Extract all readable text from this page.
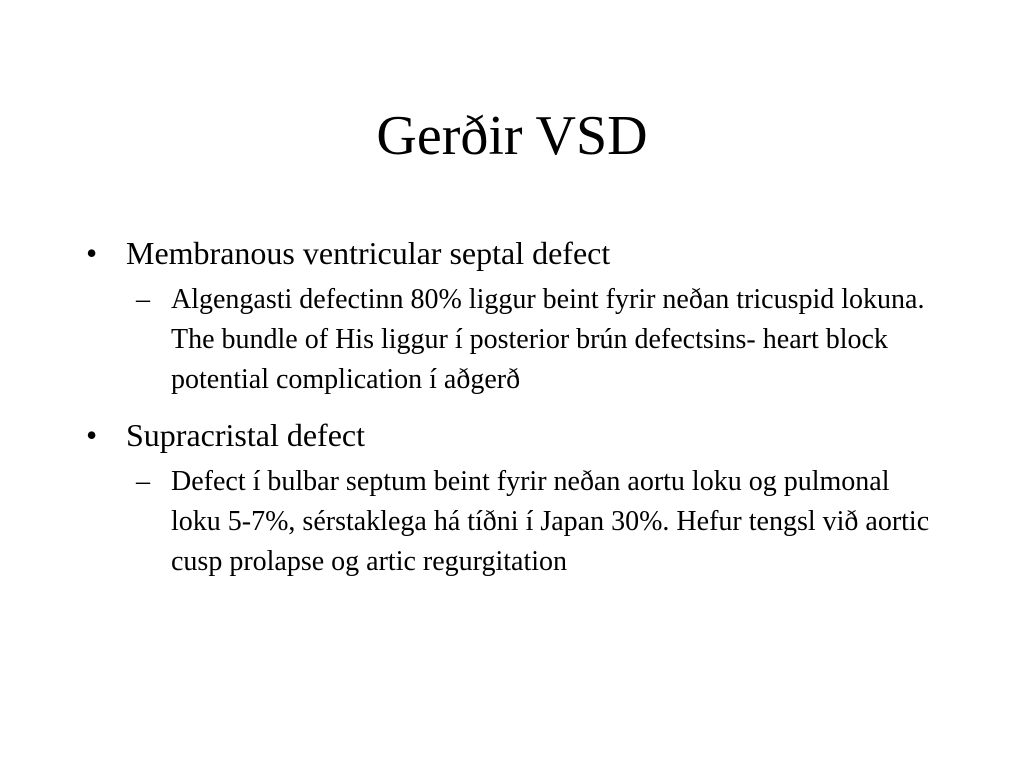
Gerðir VSD
• Membranous ventricular septal defect
– Algengasti defectinn 80% liggur beint fyrir neðan tricuspid lokuna. The bundle of His liggur í posterior brún defectsins- heart block potential complication í aðgerð
• Supracristal defect
– Defect í bulbar septum beint fyrir neðan aortu loku og pulmonal loku 5-7%, sérstaklega há tíðni í Japan 30%. Hefur tengsl við aortic cusp prolapse og artic regurgitation
